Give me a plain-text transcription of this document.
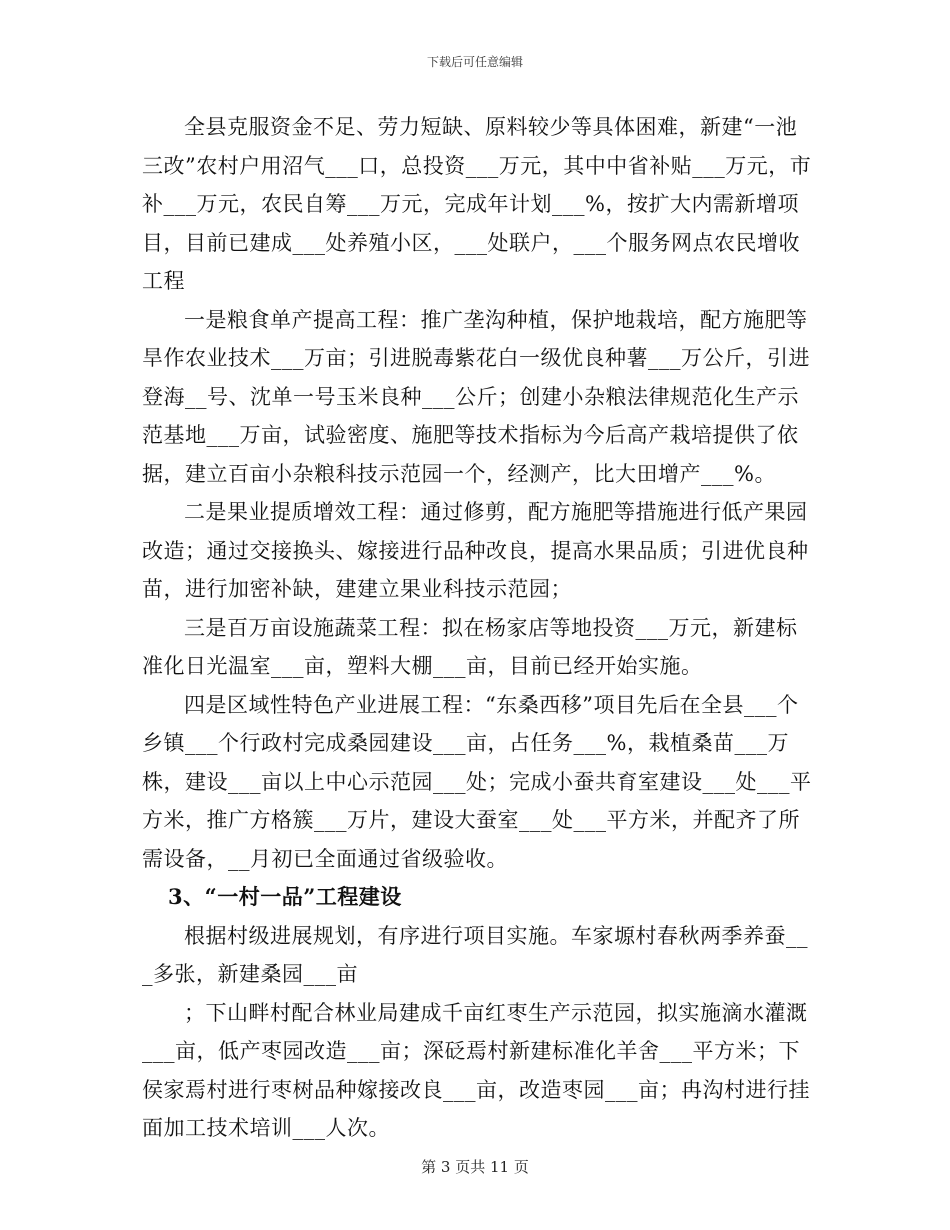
下载后可任意编辑

全县克服资金不足、劳力短缺、原料较少等具体困难，新建“一池三改”农村户用沼气___口，总投资___万元，其中中省补贴___万元，市补___万元，农民自筹___万元，完成年计划___%，按扩大内需新增项目，目前已建成___处养殖小区，___处联户，___个服务网点农民增收工程

一是粮食单产提高工程：推广垄沟种植，保护地栽培，配方施肥等旱作农业技术___万亩；引进脱毒紫花白一级优良种薯___万公斤，引进登海__号、沈单一号玉米良种___公斤；创建小杂粮法律规范化生产示范基地___万亩，试验密度、施肥等技术指标为今后高产栽培提供了依据，建立百亩小杂粮科技示范园一个，经测产，比大田增产___%。

二是果业提质增效工程：通过修剪，配方施肥等措施进行低产果园改造；通过交接换头、嫁接进行品种改良，提高水果品质；引进优良种苗，进行加密补缺，建建立果业科技示范园；

三是百万亩设施蔬菜工程：拟在杨家店等地投资___万元，新建标准化日光温室___亩，塑料大棚___亩，目前已经开始实施。

四是区域性特色产业进展工程：“东桑西移”项目先后在全县___个乡镇___个行政村完成桑园建设___亩，占任务___%，栽植桑苗___万株，建设___亩以上中心示范园___处；完成小蚕共育室建设___处___平方米，推广方格簇___万片，建设大蚕室___处___平方米，并配齐了所需设备，__月初已全面通过省级验收。

3、“一村一品”工程建设

根据村级进展规划，有序进行项目实施。车家塬村春秋两季养蚕___多张，新建桑园___亩

；下山畔村配合林业局建成千亩红枣生产示范园，拟实施滴水灌溉___亩，低产枣园改造___亩；深砭焉村新建标准化羊舍___平方米；下侯家焉村进行枣树品种嫁接改良___亩，改造枣园___亩；冉沟村进行挂面加工技术培训___人次。

第 3 页共 11 页
